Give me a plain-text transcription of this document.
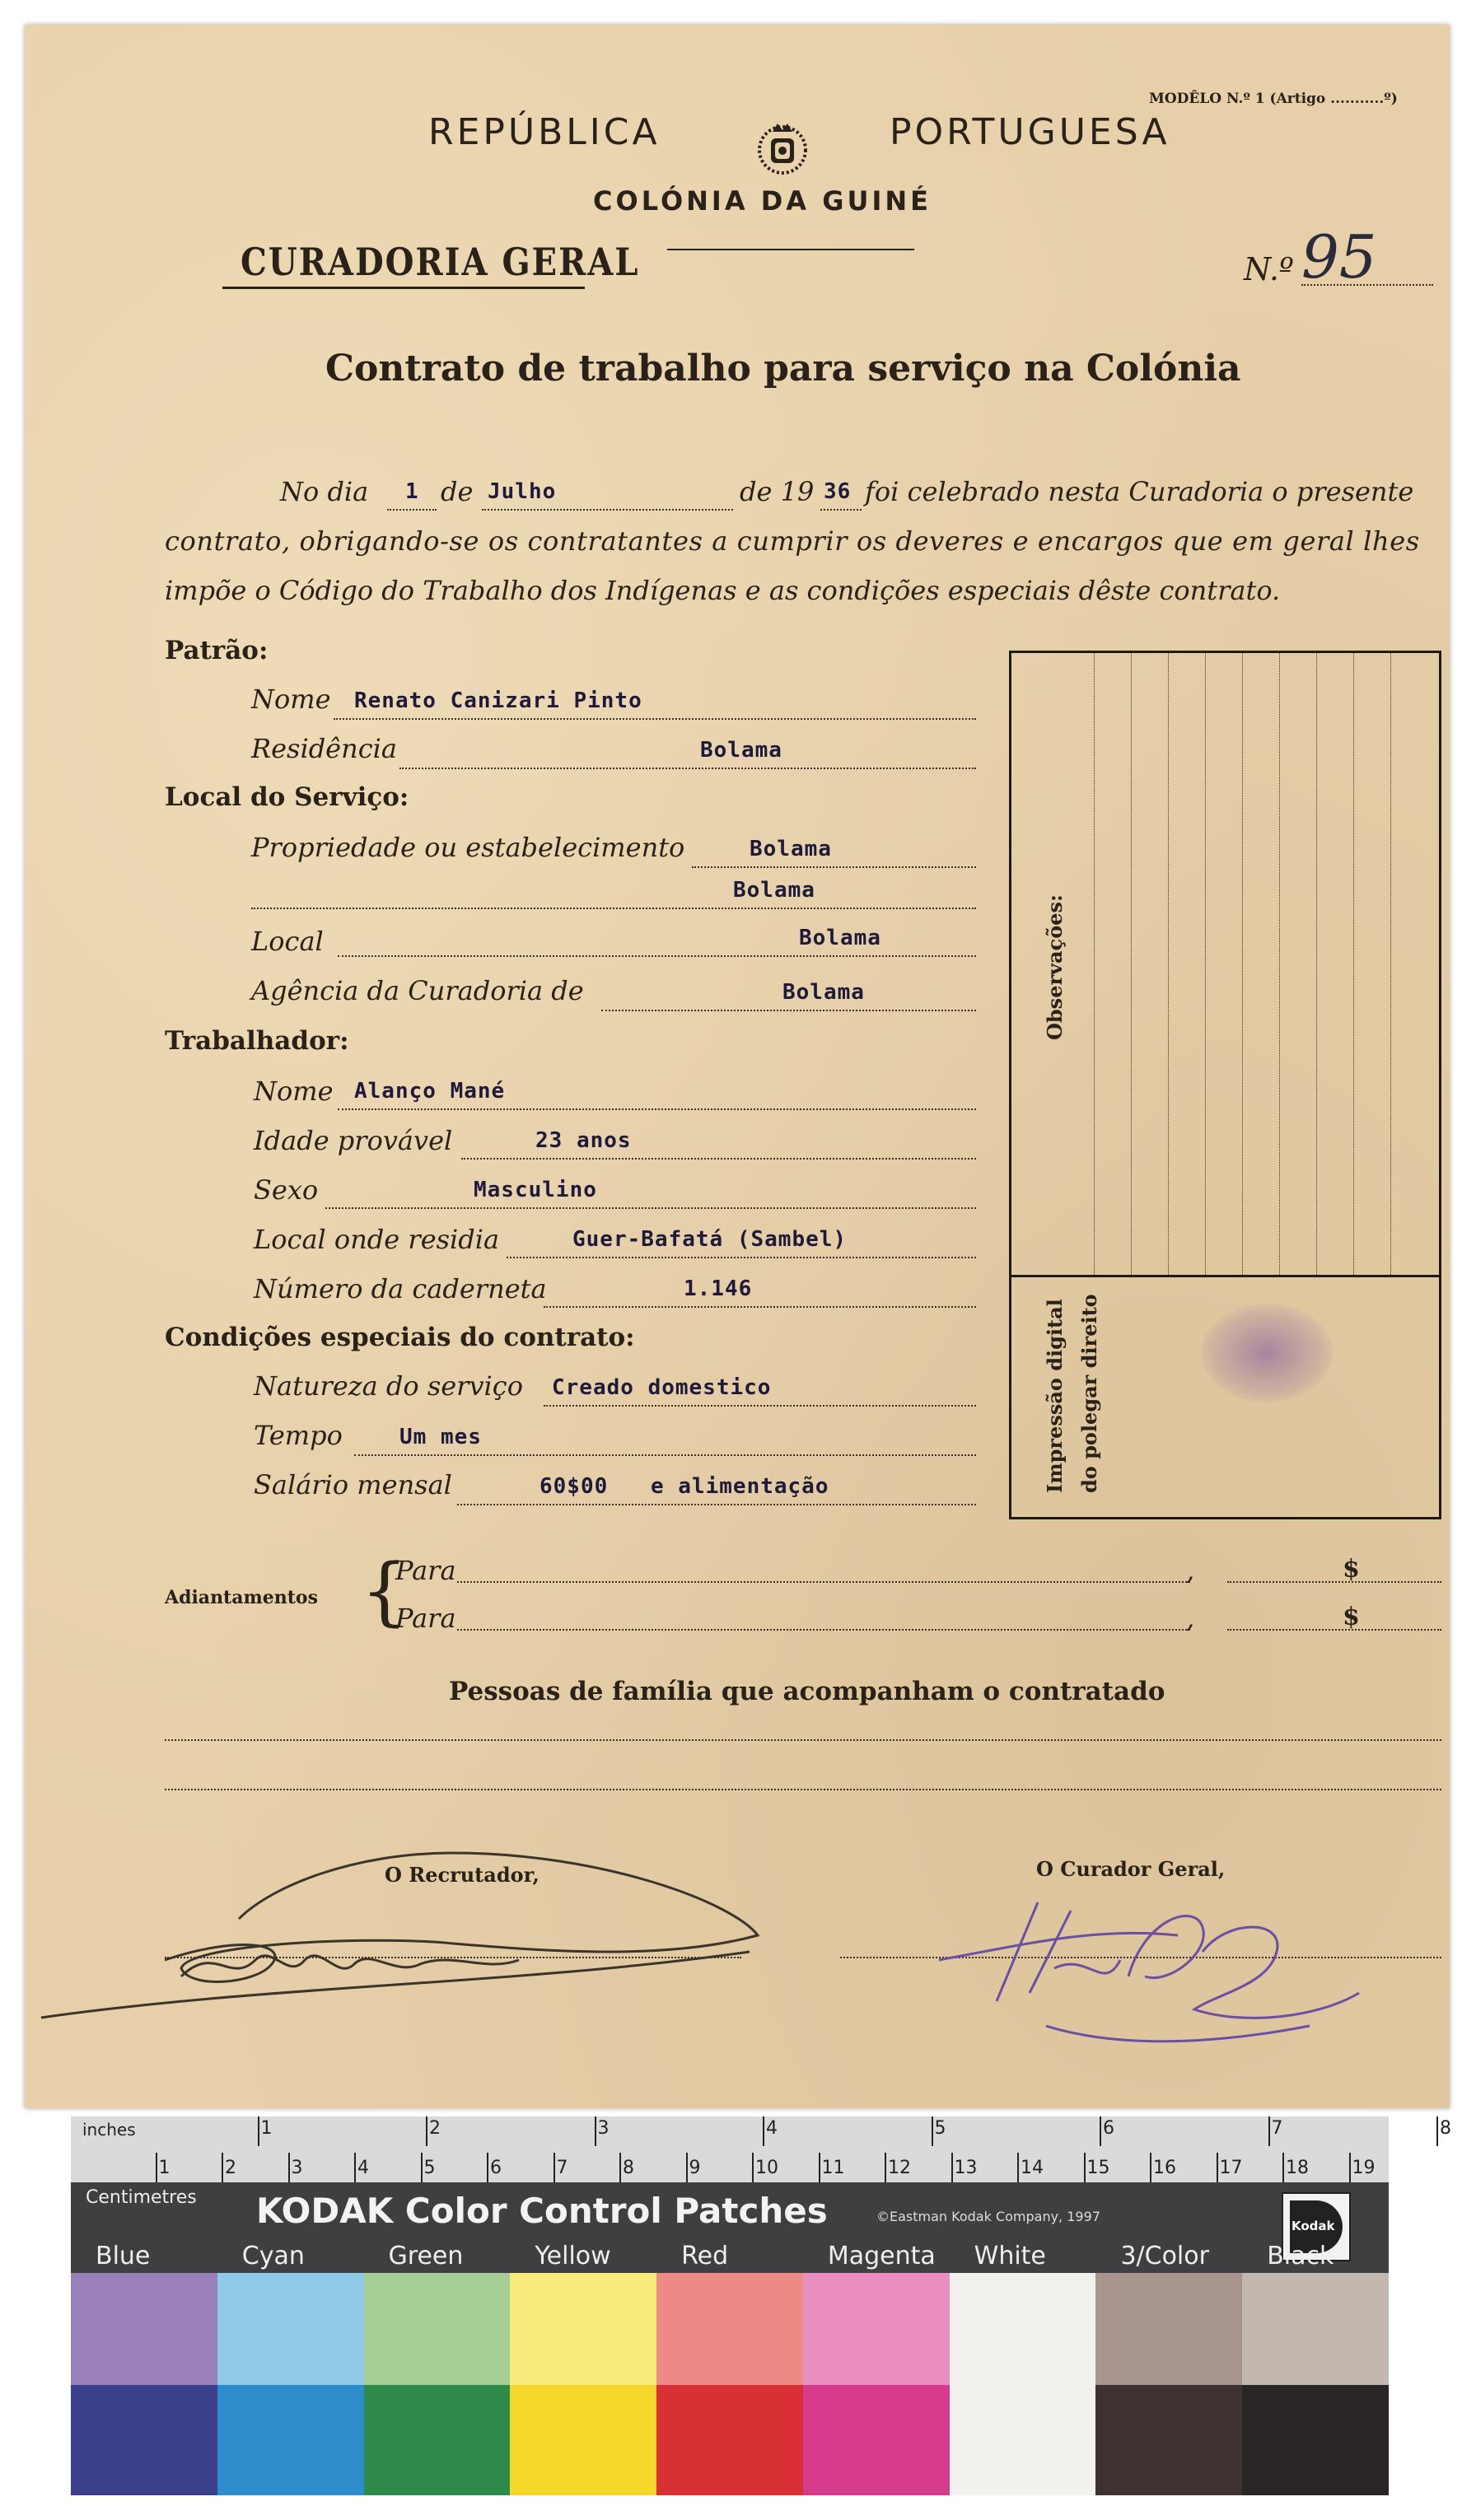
REPÚBLICA	PORTUGUESA
MODÊLO N.º 1 (Artigo ...........º)
COLÓNIA DA GUINÉ
CURADORIA GERAL	N.º 95
Contrato de trabalho para serviço na Colónia
No dia 1 de Julho	de 19 36 foi celebrado nesta Curadoria o presente
contrato, obrigando-se os contratantes a cumprir os deveres e encargos que em geral lhes
impõe o Código do Trabalho dos Indígenas e as condições especiais dêste contrato.
Patrão:
Nome Renato Canizari Pinto
Residência	Bolama
Local do Serviço:
Propriedade ou estabelecimento	Bolama
Bolama
Local	Bolama
Agência da Curadoria de	Bolama
Trabalhador:
Nome Alanço Mané
Idade provável	23 anos
Sexo	Masculino
Local onde residia	Guer-Bafatá (Sambel)
Número da caderneta	1.146
Condições especiais do contrato:
Natureza do serviço Creado domestico
Tempo	Um mes
Salário mensal	60$00 e alimentação
Observações:
Impressão digital do polegar direito
Adiantamentos {
Para	,	$
Para	,	$
Pessoas de família que acompanham o contratado
O Recrutador,	O Curador Geral,
inches	1	2	3	4	5	6	7	8
1	2	3	4	5	6	7	8	9	10 11 12 13 14 15 16 17 18 19
Centimetres KODAK Color Control Patches	©Eastman Kodak Company, 1997
Kodak
Blue	Cyan	Green	Yellow	Red	Magenta White	3/Color Black
